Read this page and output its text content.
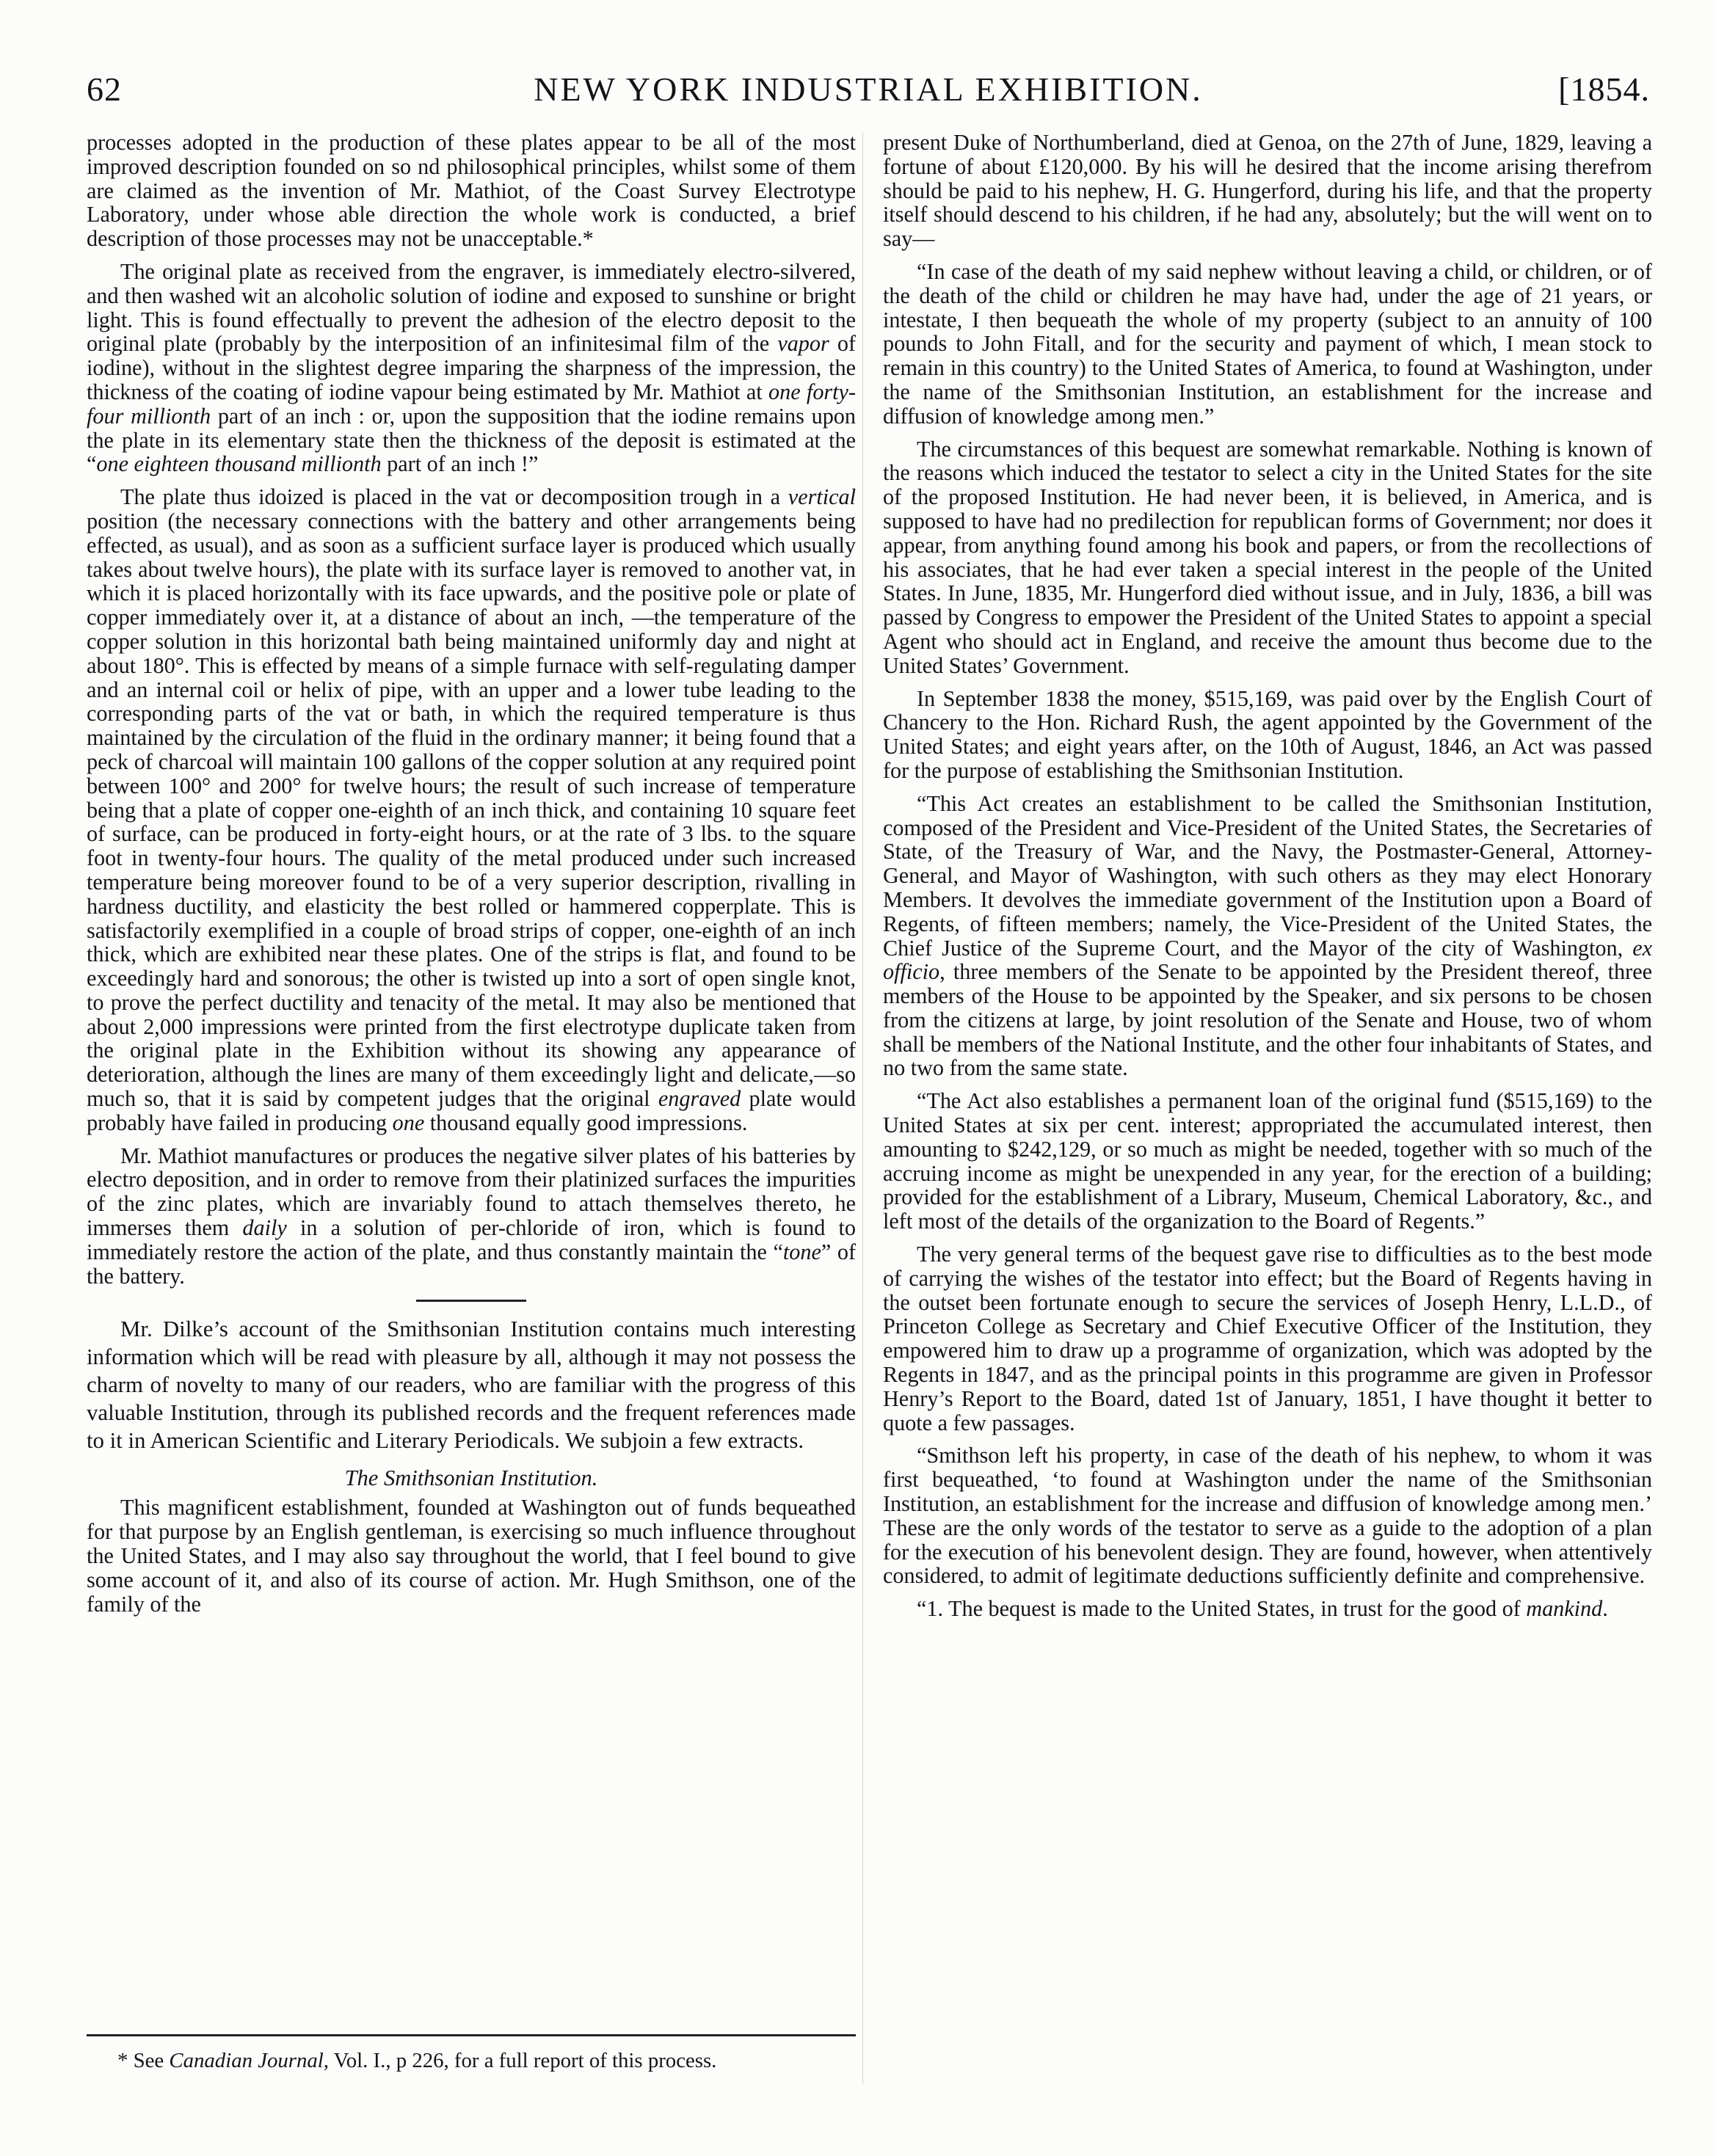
62	NEW YORK INDUSTRIAL EXHIBITION.	[1854.

processes adopted in the production of these plates appear to be all of the most improved description founded on so nd philosophical principles, whilst some of them are claimed as the invention of Mr. Mathiot, of the Coast Survey Electrotype Laboratory, under whose able direction the whole work is conducted, a brief description of those processes may not be unacceptable.*

The original plate as received from the engraver, is immediately electro-silvered, and then washed wit an alcoholic solution of iodine and exposed to sunshine or bright light. This is found effectually to prevent the adhesion of the electro deposit to the original plate (probably by the interposition of an infinitesimal film of the vapor of iodine), without in the slightest degree imparing the sharpness of the impression, the thickness of the coating of iodine vapour being estimated by Mr. Mathiot at one forty-four millionth part of an inch : or, upon the supposition that the iodine remains upon the plate in its elementary state then the thickness of the deposit is estimated at the “one eighteen thousand millionth part of an inch !”

The plate thus idoized is placed in the vat or decomposition trough in a vertical position (the necessary connections with the battery and other arrangements being effected, as usual), and as soon as a sufficient surface layer is produced which usually takes about twelve hours), the plate with its surface layer is removed to another vat, in which it is placed horizontally with its face upwards, and the positive pole or plate of copper immediately over it, at a distance of about an inch, —the temperature of the copper solution in this horizontal bath being maintained uniformly day and night at about 180°. This is effected by means of a simple furnace with self-regulating damper and an internal coil or helix of pipe, with an upper and a lower tube leading to the corresponding parts of the vat or bath, in which the required temperature is thus maintained by the circulation of the fluid in the ordinary manner; it being found that a peck of charcoal will maintain 100 gallons of the copper solution at any required point between 100° and 200° for twelve hours; the result of such increase of temperature being that a plate of copper one-eighth of an inch thick, and containing 10 square feet of surface, can be produced in forty-eight hours, or at the rate of 3 lbs. to the square foot in twenty-four hours. The quality of the metal produced under such increased temperature being moreover found to be of a very superior description, rivalling in hardness ductility, and elasticity the best rolled or hammered copperplate. This is satisfactorily exemplified in a couple of broad strips of copper, one-eighth of an inch thick, which are exhibited near these plates. One of the strips is flat, and found to be exceedingly hard and sonorous; the other is twisted up into a sort of open single knot, to prove the perfect ductility and tenacity of the metal. It may also be mentioned that about 2,000 impressions were printed from the first electrotype duplicate taken from the original plate in the Exhibition without its showing any appearance of deterioration, although the lines are many of them exceedingly light and delicate,—so much so, that it is said by competent judges that the original engraved plate would probably have failed in producing one thousand equally good impressions.

Mr. Mathiot manufactures or produces the negative silver plates of his batteries by electro deposition, and in order to remove from their platinized surfaces the impurities of the zinc plates, which are invariably found to attach themselves thereto, he immerses them daily in a solution of per-chloride of iron, which is found to immediately restore the action of the plate, and thus constantly maintain the “tone” of the battery.

Mr. Dilke’s account of the Smithsonian Institution contains much interesting information which will be read with pleasure by all, although it may not possess the charm of novelty to many of our readers, who are familiar with the progress of this valuable Institution, through its published records and the frequent references made to it in American Scientific and Literary Periodicals. We subjoin a few extracts.

The Smithsonian Institution.

This magnificent establishment, founded at Washington out of funds bequeathed for that purpose by an English gentleman, is exercising so much influence throughout the United States, and I may also say throughout the world, that I feel bound to give some account of it, and also of its course of action. Mr. Hugh Smithson, one of the family of the

present Duke of Northumberland, died at Genoa, on the 27th of June, 1829, leaving a fortune of about £120,000. By his will he desired that the income arising therefrom should be paid to his nephew, H. G. Hungerford, during his life, and that the property itself should descend to his children, if he had any, absolutely; but the will went on to say—

“In case of the death of my said nephew without leaving a child, or children, or of the death of the child or children he may have had, under the age of 21 years, or intestate, I then bequeath the whole of my property (subject to an annuity of 100 pounds to John Fitall, and for the security and payment of which, I mean stock to remain in this country) to the United States of America, to found at Washington, under the name of the Smithsonian Institution, an establishment for the increase and diffusion of knowledge among men.”

The circumstances of this bequest are somewhat remarkable. Nothing is known of the reasons which induced the testator to select a city in the United States for the site of the proposed Institution. He had never been, it is believed, in America, and is supposed to have had no predilection for republican forms of Government; nor does it appear, from anything found among his book and papers, or from the recollections of his associates, that he had ever taken a special interest in the people of the United States. In June, 1835, Mr. Hungerford died without issue, and in July, 1836, a bill was passed by Congress to empower the President of the United States to appoint a special Agent who should act in England, and receive the amount thus become due to the United States’ Government.

In September 1838 the money, $515,169, was paid over by the English Court of Chancery to the Hon. Richard Rush, the agent appointed by the Government of the United States; and eight years after, on the 10th of August, 1846, an Act was passed for the purpose of establishing the Smithsonian Institution.

“This Act creates an establishment to be called the Smithsonian Institution, composed of the President and Vice-President of the United States, the Secretaries of State, of the Treasury of War, and the Navy, the Postmaster-General, Attorney-General, and Mayor of Washington, with such others as they may elect Honorary Members. It devolves the immediate government of the Institution upon a Board of Regents, of fifteen members; namely, the Vice-President of the United States, the Chief Justice of the Supreme Court, and the Mayor of the city of Washington, ex officio, three members of the Senate to be appointed by the President thereof, three members of the House to be appointed by the Speaker, and six persons to be chosen from the citizens at large, by joint resolution of the Senate and House, two of whom shall be members of the National Institute, and the other four inhabitants of States, and no two from the same state.

“The Act also establishes a permanent loan of the original fund ($515,169) to the United States at six per cent. interest; appropriated the accumulated interest, then amounting to $242,129, or so much as might be needed, together with so much of the accruing income as might be unexpended in any year, for the erection of a building; provided for the establishment of a Library, Museum, Chemical Laboratory, &c., and left most of the details of the organization to the Board of Regents.”

The very general terms of the bequest gave rise to difficulties as to the best mode of carrying the wishes of the testator into effect; but the Board of Regents having in the outset been fortunate enough to secure the services of Joseph Henry, L.L.D., of Princeton College as Secretary and Chief Executive Officer of the Institution, they empowered him to draw up a programme of organization, which was adopted by the Regents in 1847, and as the principal points in this programme are given in Professor Henry’s Report to the Board, dated 1st of January, 1851, I have thought it better to quote a few passages.

“Smithson left his property, in case of the death of his nephew, to whom it was first bequeathed, ‘to found at Washington under the name of the Smithsonian Institution, an establishment for the increase and diffusion of knowledge among men.’ These are the only words of the testator to serve as a guide to the adoption of a plan for the execution of his benevolent design. They are found, however, when attentively considered, to admit of legitimate deductions sufficiently definite and comprehensive.

“1. The bequest is made to the United States, in trust for the good of mankind.

* See Canadian Journal, Vol. I., p 226, for a full report of this process.
